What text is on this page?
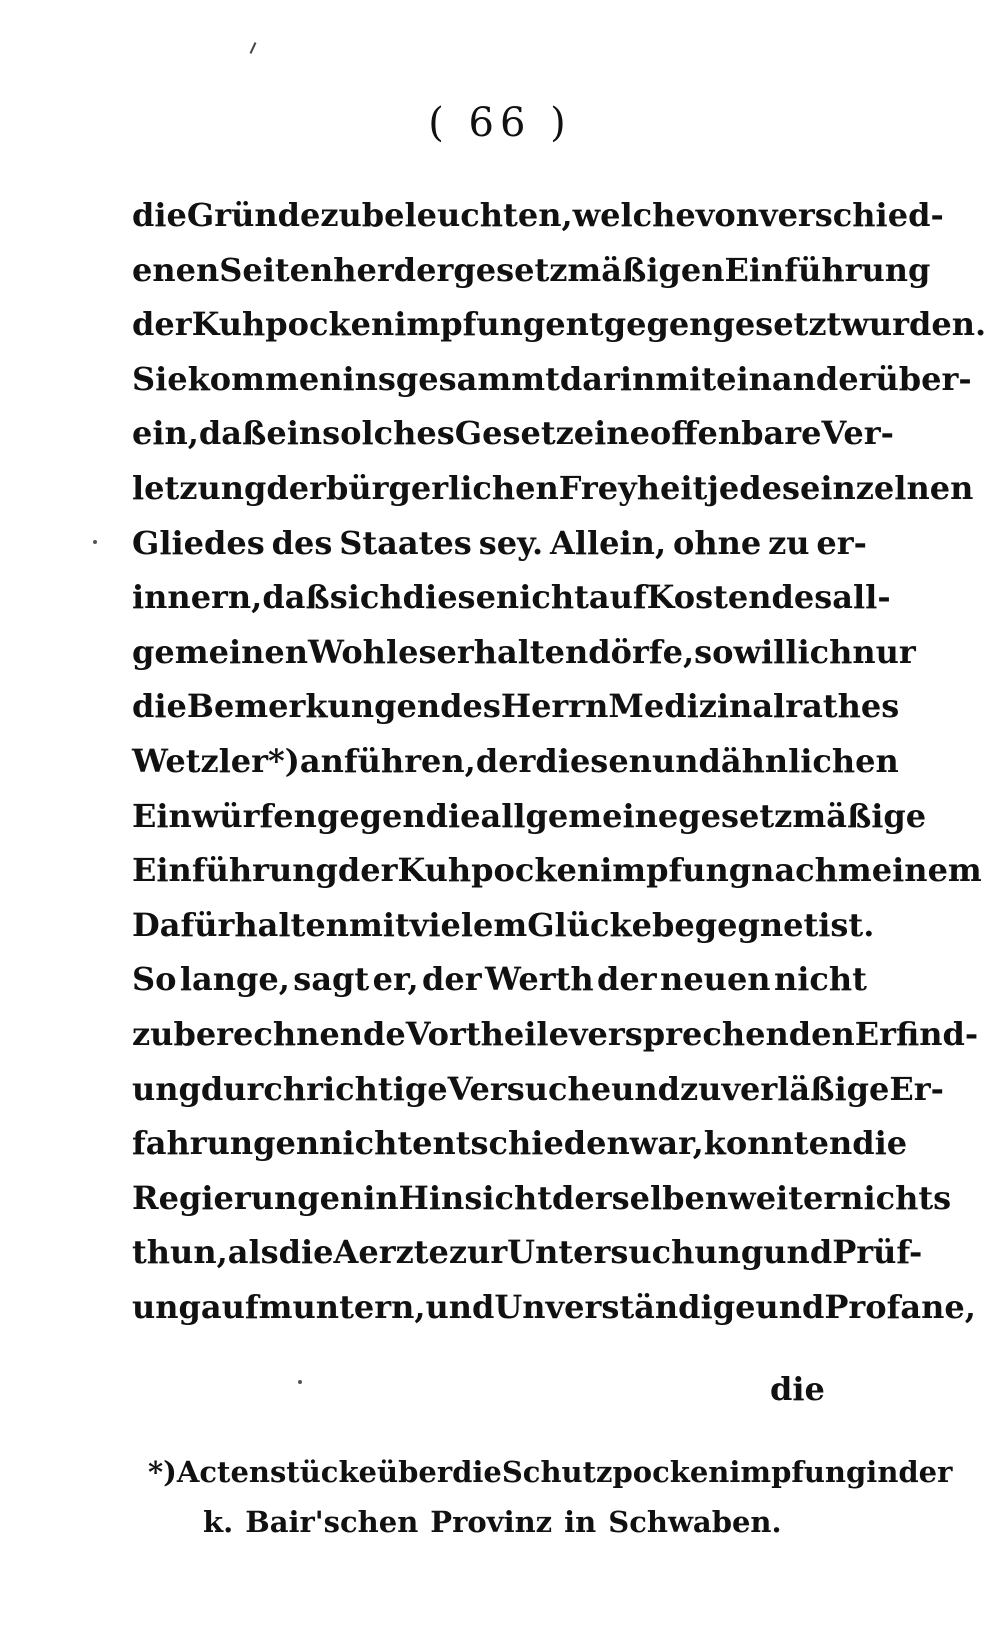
( 66 )
die Gründe zu beleuchten, welche von verschied-
enen Seiten her der gesetzmäßigen Einführung
der Kuhpockenimpfung entgegengesetzt wurden.
Sie kommen insgesammt darin miteinander über-
ein, daß ein solches Gesetz eine offenbare Ver-
letzung der bürgerlichen Freyheit jedes einzelnen
Gliedes des Staates sey. Allein, ohne zu er-
innern, daß sich diese nicht auf Kosten des all-
gemeinen Wohles erhalten dörfe, so will ich nur
die Bemerkungen des Herrn Medizinalrathes
Wetzler *) anführen, der diesen und ähnlichen
Einwürfen gegen die allgemeine gesetzmäßige
Einführung der Kuhpockenimpfung nach meinem
Dafürhalten mit vielem Glücke begegnet ist.
So lange, sagt er, der Werth der neuen nicht
zu berechnende Vortheile versprechenden Erfind-
ung durch richtige Versuche und zuverläßige Er-
fahrungen nicht entschieden war, konnten die
Regierungen in Hinsicht derselben weiter nichts
thun, als die Aerzte zur Untersuchung und Prüf-
ung aufmuntern, und Unverständige und Profane,
die
*) Actenstücke über die Schutzpockenimpfung in der
k. Bair'schen Provinz in Schwaben.
